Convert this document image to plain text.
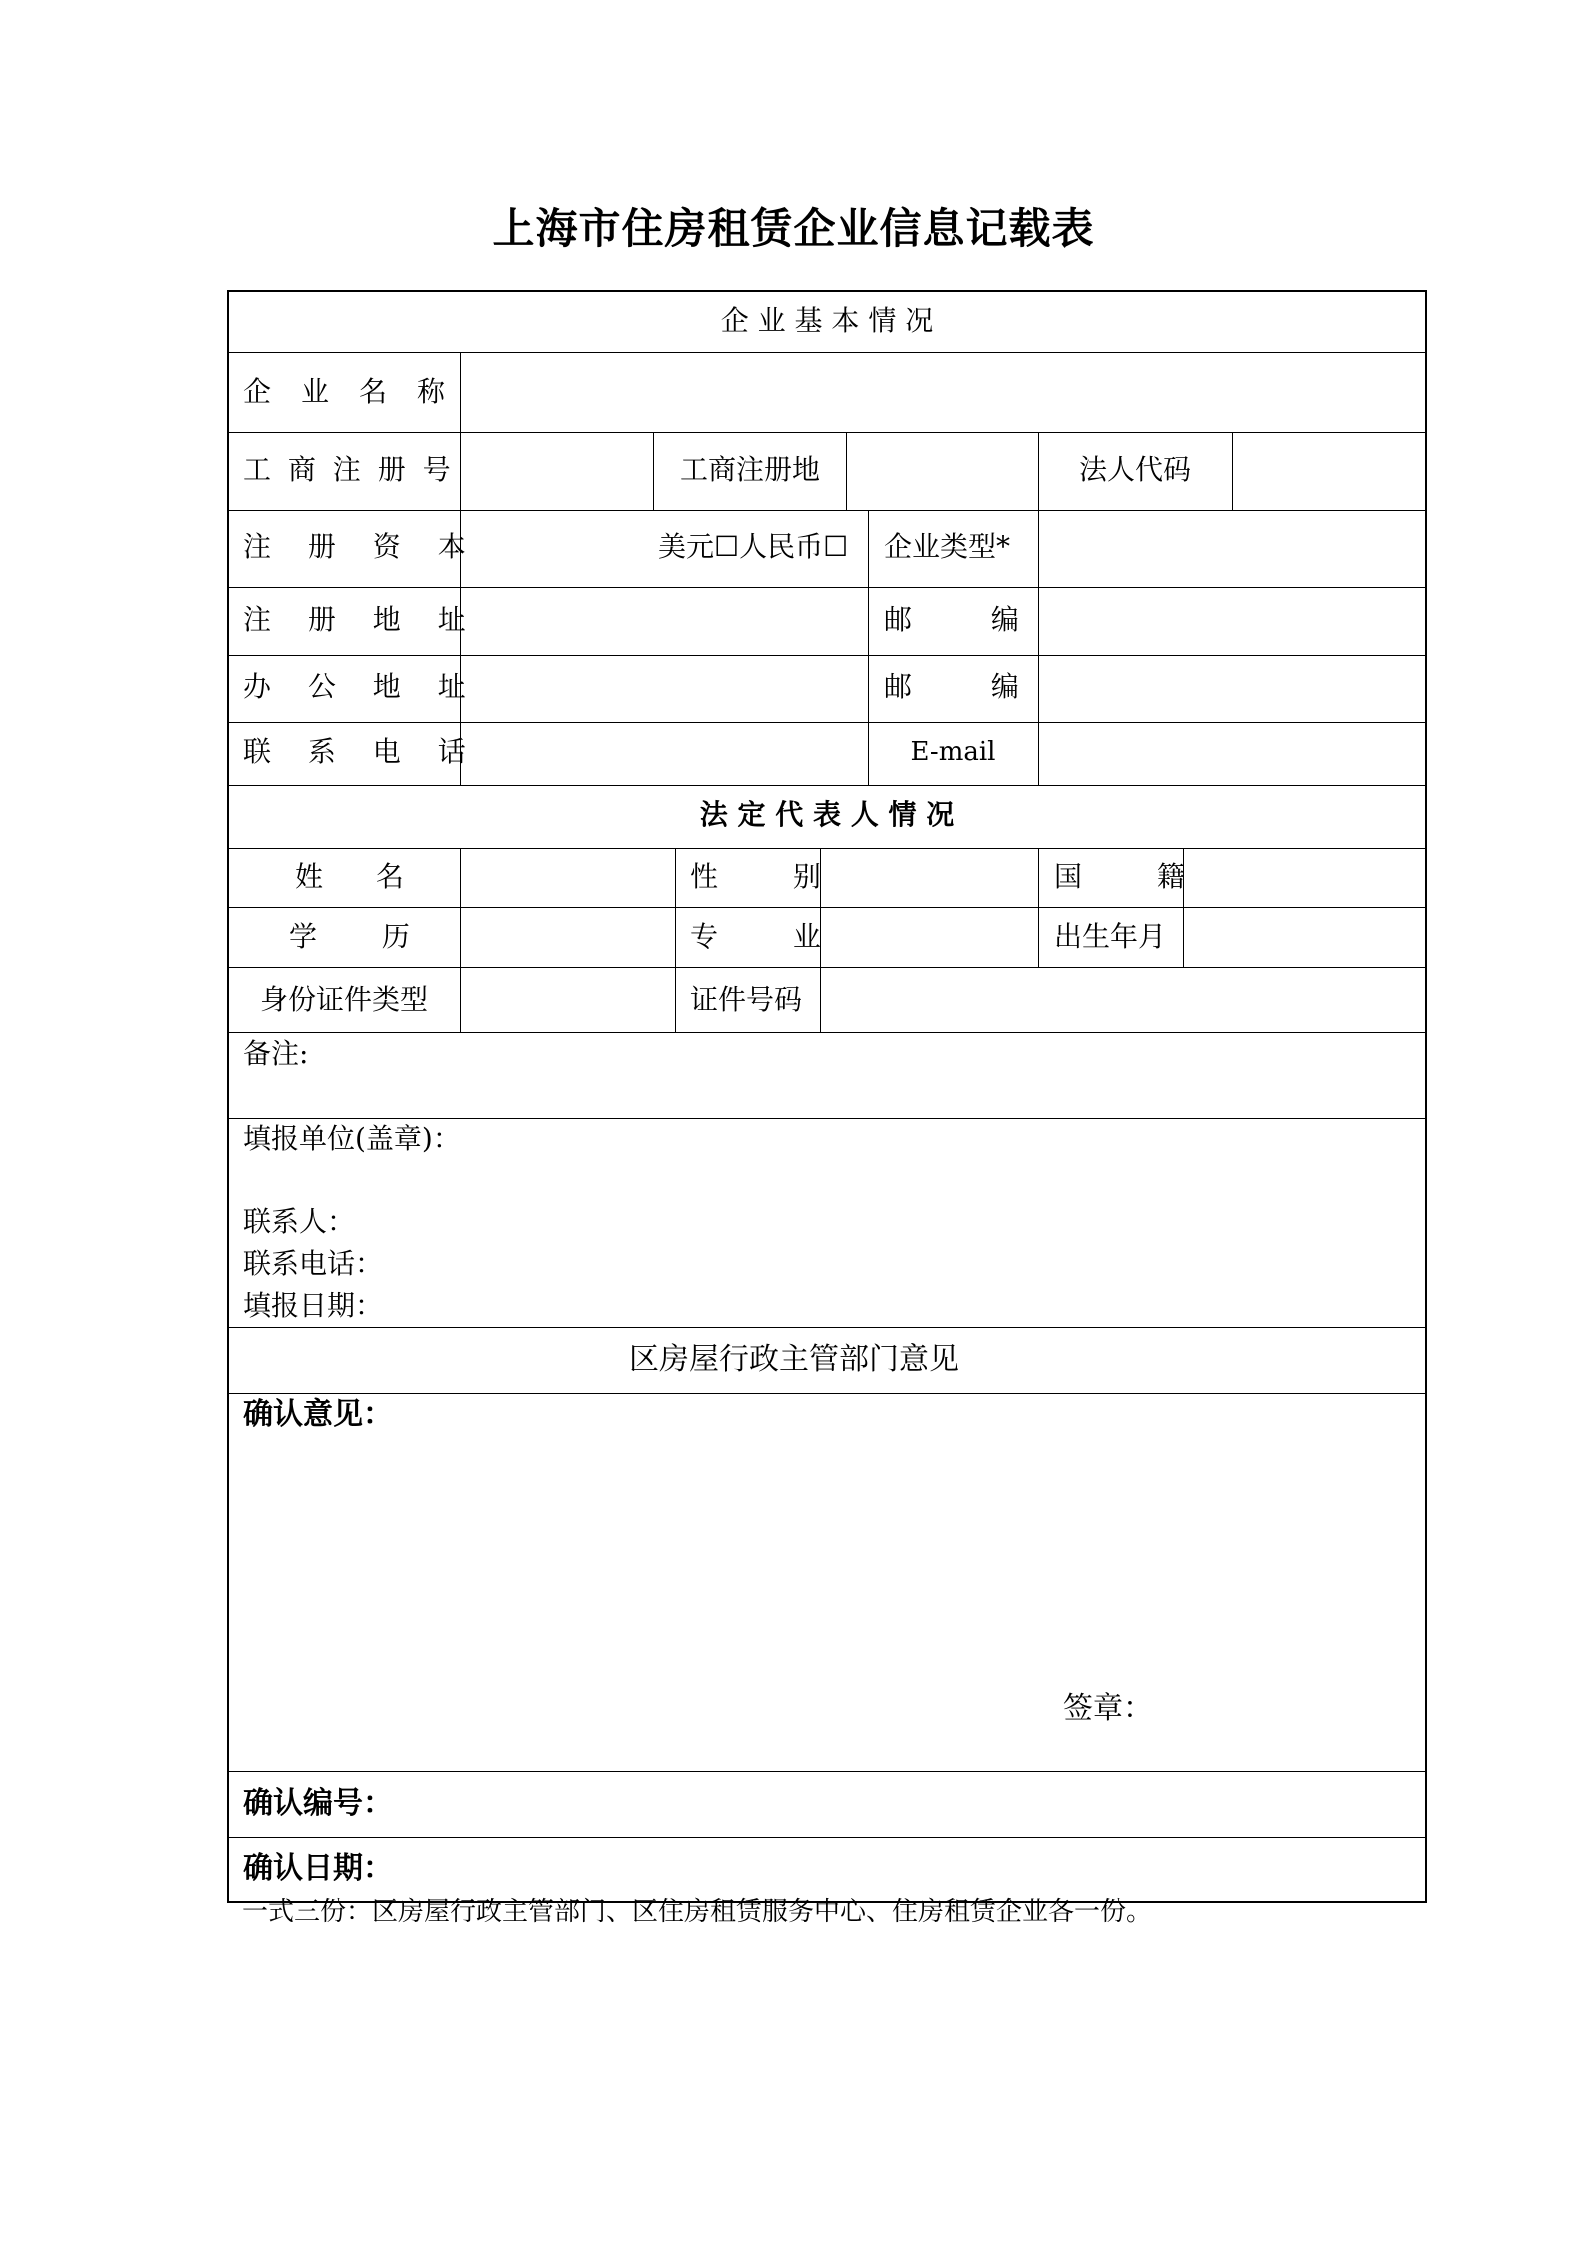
上海市住房租赁企业信息记载表
企 业 基 本 情 况
企 业 名 称
工 商 注 册 号	工商注册地	法人代码
注 册 资 本	美元☐人民币☐ 企业类型*
注 册 地 址	邮 编
办 公 地 址	邮 编
联 系 电 话	E-mail
法 定 代 表 人 情 况
姓 名	性 别	国 籍
学 历	专 业	出生年月
身份证件类型	证件号码
备注:
填报单位(盖章)：
联系人：
联系电话：
填报日期：
区房屋行政主管部门意见
确认意见：
签章：
确认编号：
确认日期：
一式三份：区房屋行政主管部门、区住房租赁服务中心、住房租赁企业各一份。
